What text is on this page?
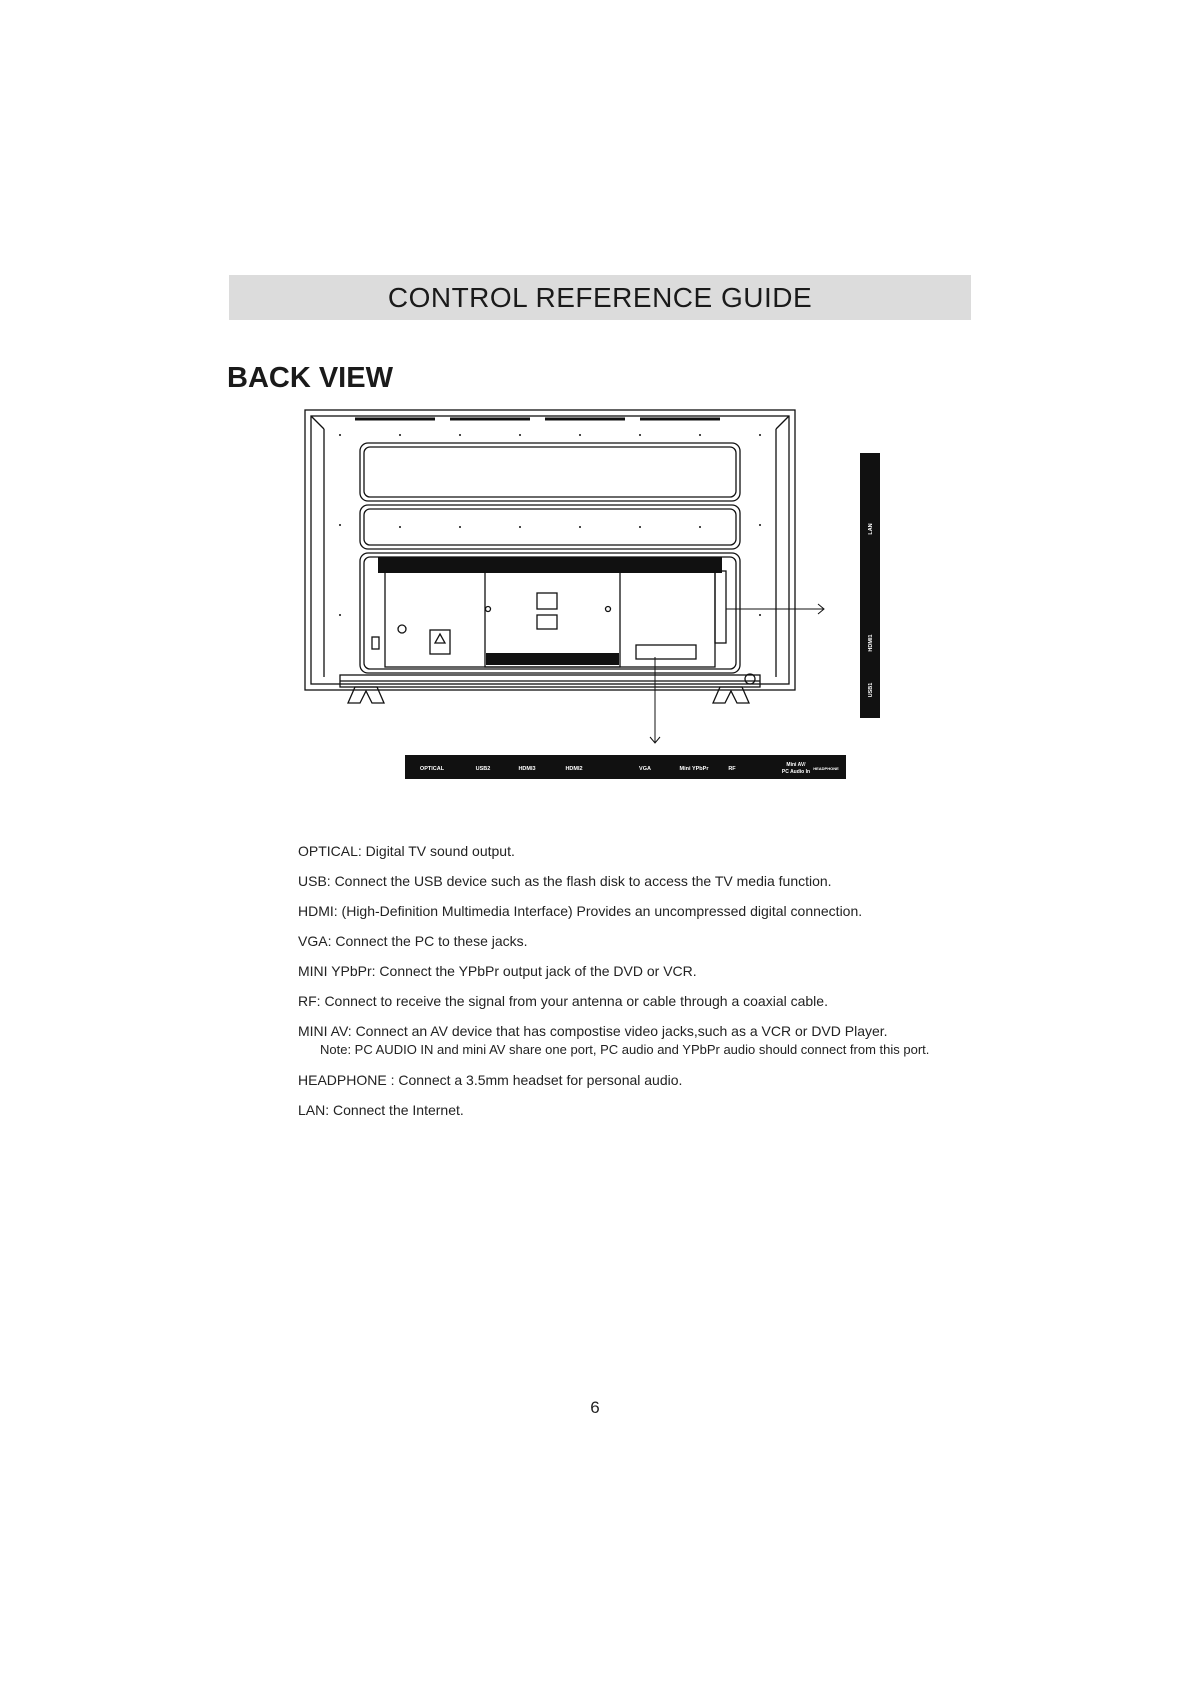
CONTROL REFERENCE GUIDE
BACK VIEW
LAN
HDMI1
USB1
OPTICAL	USB2	HDMI3	HDMI2	VGA	Mini YPbPr	RF
Mini AV/
PC Audio In
HEADPHONE

OPTICAL: Digital TV sound output.

USB: Connect the USB device such as the flash disk to access the TV media function.

HDMI: (High-Definition Multimedia Interface) Provides an uncompressed digital connection.

VGA: Connect the PC to these jacks.

MINI YPbPr: Connect the YPbPr output jack of the DVD or VCR.

RF: Connect to receive the signal from your antenna or cable through a coaxial cable.

MINI AV: Connect an AV device that has compostise video jacks,such as a VCR or DVD Player.

Note: PC AUDIO IN and mini AV share one port, PC audio and YPbPr audio should connect from this port.

HEADPHONE : Connect a 3.5mm headset for personal audio.

LAN: Connect the Internet.

6
